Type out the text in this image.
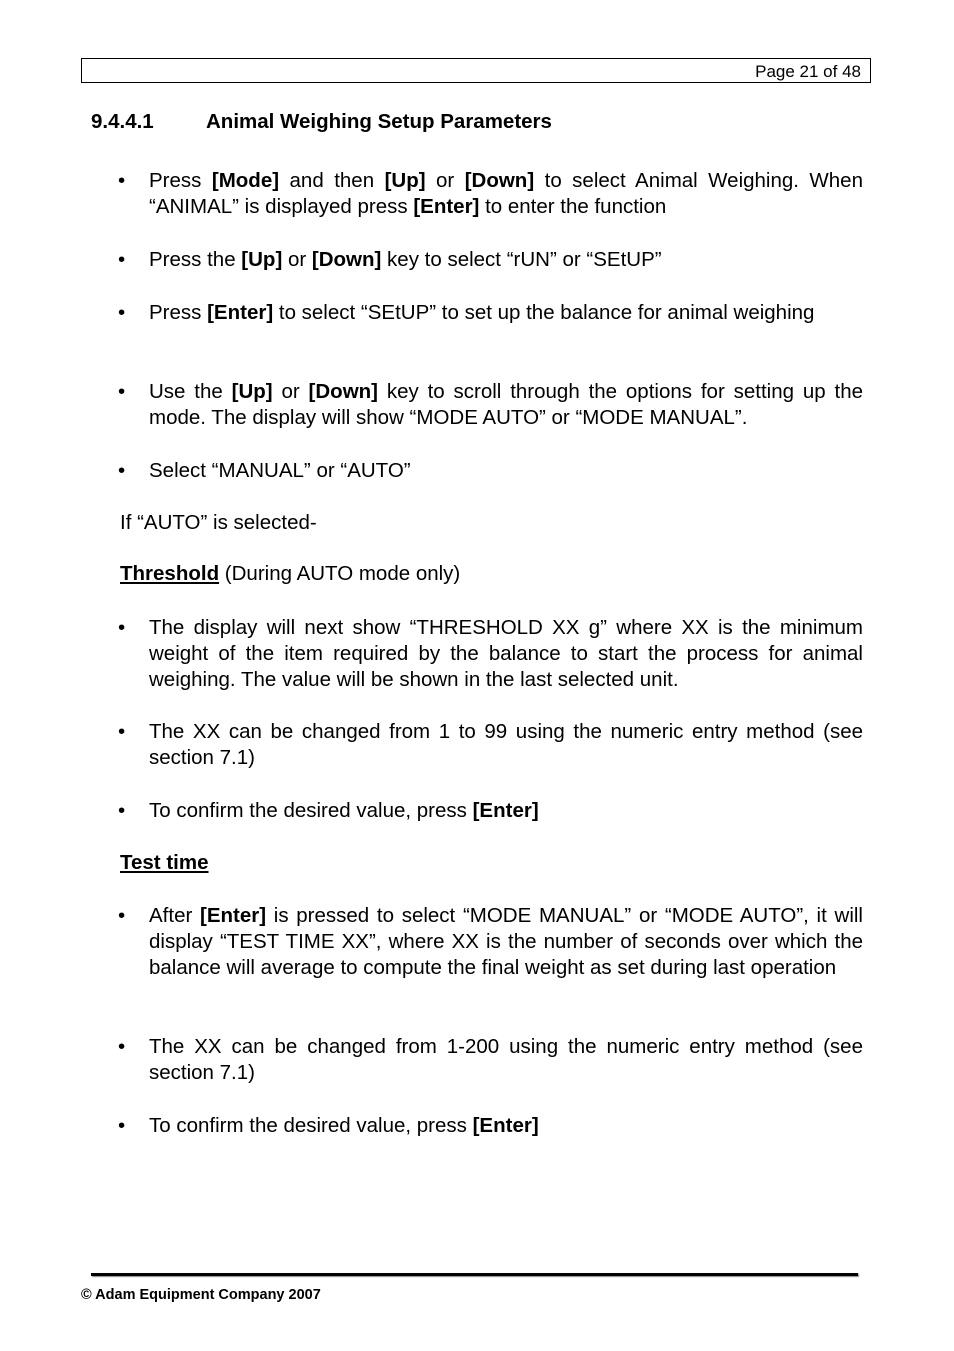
Page 21 of 48
9.4.4.1	Animal Weighing Setup Parameters
• Press [Mode] and then [Up] or [Down] to select Animal Weighing. When “ANIMAL” is displayed press [Enter] to enter the function
• Press the [Up] or [Down] key to select “rUN” or “SEtUP”
• Press [Enter] to select “SEtUP” to set up the balance for animal weighing
• Use the [Up] or [Down] key to scroll through the options for setting up the mode. The display will show “MODE AUTO” or “MODE MANUAL”.
• Select “MANUAL” or “AUTO”
If “AUTO” is selected-
Threshold (During AUTO mode only)
• The display will next show “THRESHOLD XX g” where XX is the minimum weight of the item required by the balance to start the process for animal weighing. The value will be shown in the last selected unit.
• The XX can be changed from 1 to 99 using the numeric entry method (see section 7.1)
• To confirm the desired value, press [Enter]
Test time
• After [Enter] is pressed to select “MODE MANUAL” or “MODE AUTO”, it will display “TEST TIME XX”, where XX is the number of seconds over which the balance will average to compute the final weight as set during last operation
• The XX can be changed from 1-200 using the numeric entry method (see section 7.1)
• To confirm the desired value, press [Enter]
© Adam Equipment Company 2007
